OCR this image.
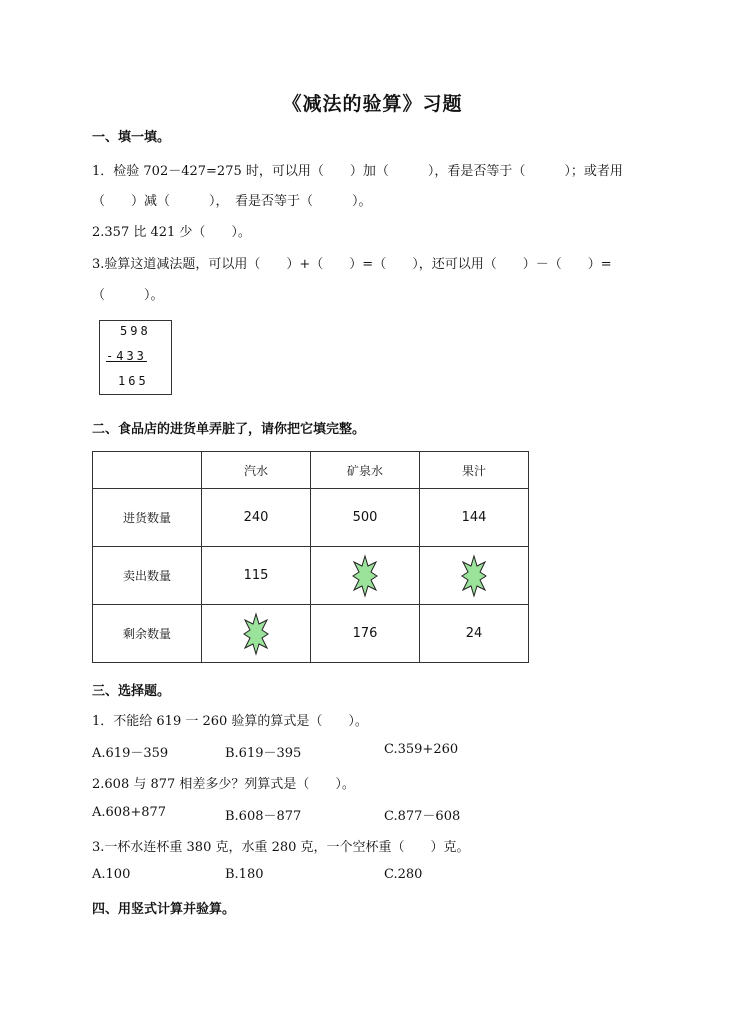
《减法的验算》习题
一、填一填。
1．检验 702－427=275 时，可以用（　　）加（　　　），看是否等于（　　　）；或者用
（　　）减（　　　），　看是否等于（　　　）。
2.357 比 421 少（　　）。
3.验算这道减法题，可以用（　　）+（　　）=（　　），还可以用（　　）－（　　）=
（　　　）。
598
-433
165
二、食品店的进货单弄脏了，请你把它填完整。
	汽水	矿泉水	果汁
进货数量	240	500	144
卖出数量	115		
剩余数量		176	24
三、选择题。
1．不能给 619 一 260 验算的算式是（　　）。
A.619－359	B.619－395	C.359+260
2.608 与 877 相差多少？列算式是（　　）。
A.608+877	B.608－877	C.877－608
3.一杯水连杯重 380 克，水重 280 克，一个空杯重（　　）克。
A.100	B.180	C.280
四、用竖式计算并验算。
